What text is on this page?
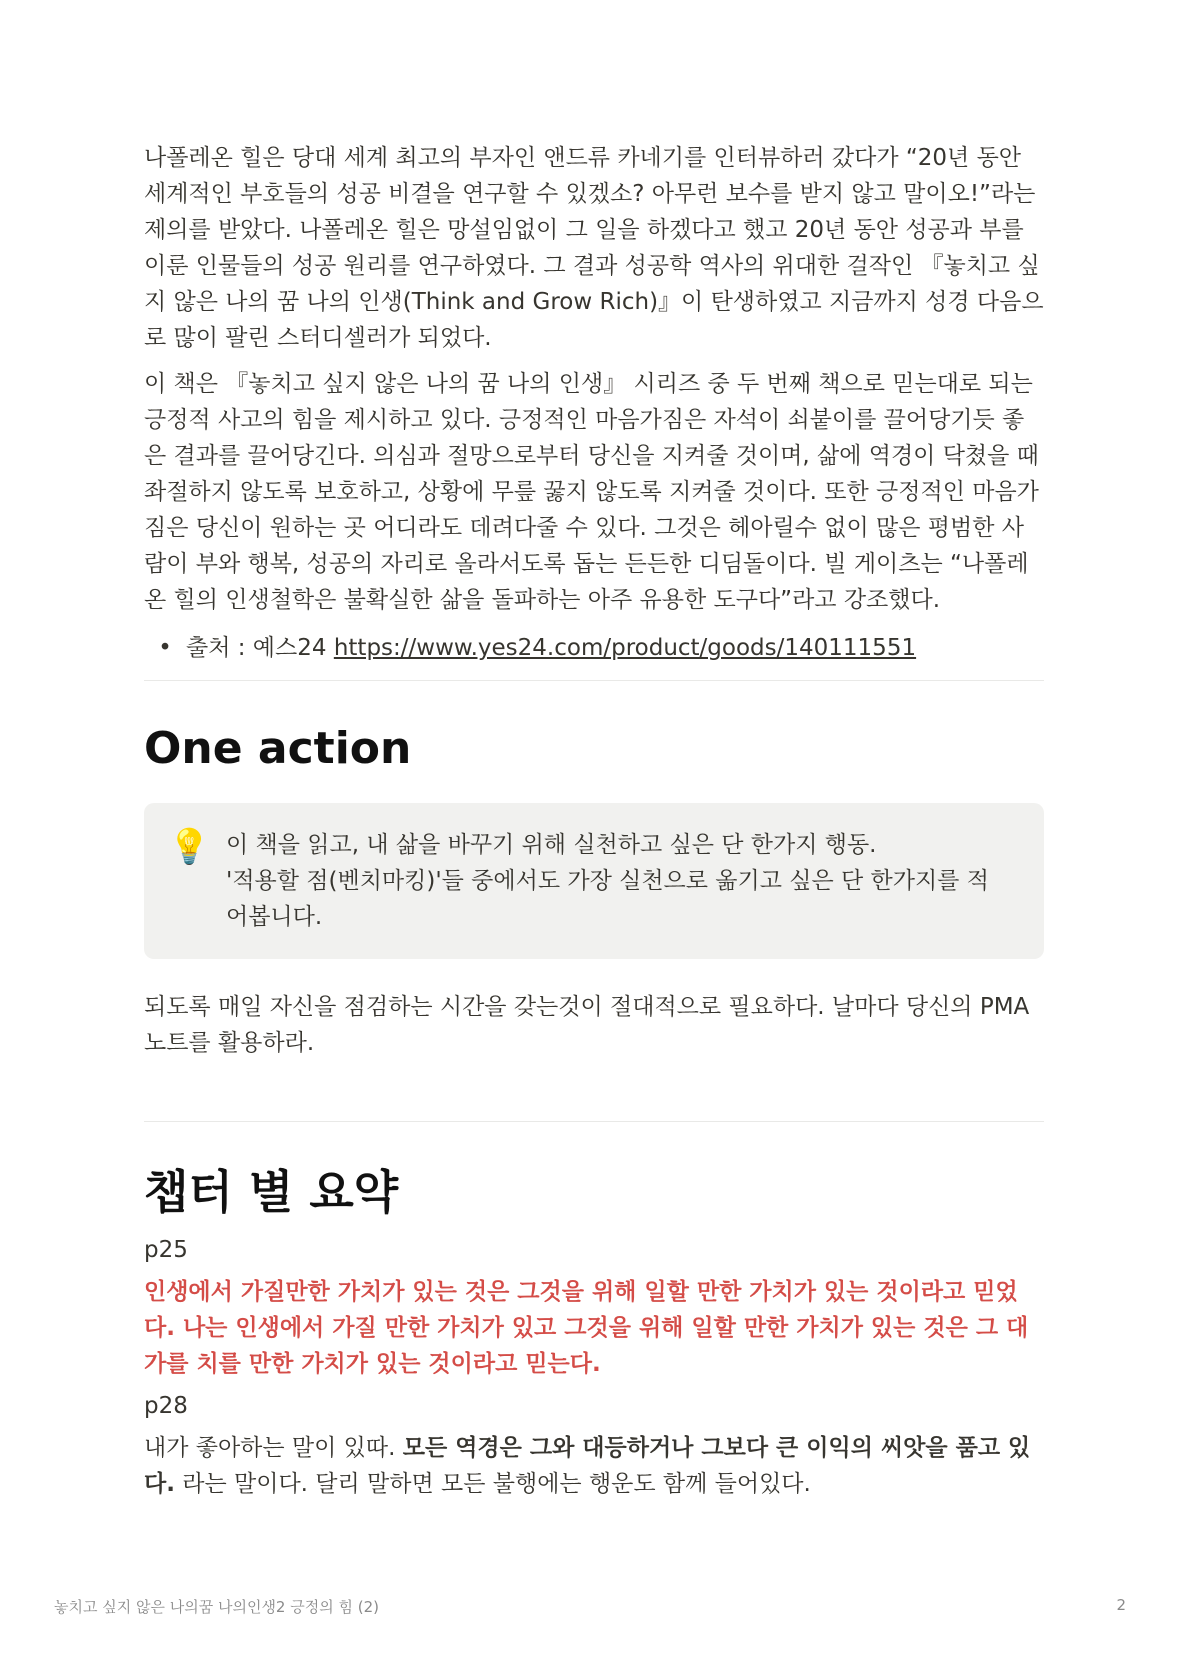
나폴레온 힐은 당대 세계 최고의 부자인 앤드류 카네기를 인터뷰하러 갔다가 “20년 동안 세계적인 부호들의 성공 비결을 연구할 수 있겠소? 아무런 보수를 받지 않고 말이오!”라는 제의를 받았다. 나폴레온 힐은 망설임없이 그 일을 하겠다고 했고 20년 동안 성공과 부를 이룬 인물들의 성공 원리를 연구하였다. 그 결과 성공학 역사의 위대한 걸작인 『놓치고 싶지 않은 나의 꿈 나의 인생(Think and Grow Rich)』이 탄생하였고 지금까지 성경 다음으로 많이 팔린 스터디셀러가 되었다.

이 책은 『놓치고 싶지 않은 나의 꿈 나의 인생』 시리즈 중 두 번째 책으로 믿는대로 되는 긍정적 사고의 힘을 제시하고 있다. 긍정적인 마음가짐은 자석이 쇠붙이를 끌어당기듯 좋은 결과를 끌어당긴다. 의심과 절망으로부터 당신을 지켜줄 것이며, 삶에 역경이 닥쳤을 때 좌절하지 않도록 보호하고, 상황에 무릎 꿇지 않도록 지켜줄 것이다. 또한 긍정적인 마음가짐은 당신이 원하는 곳 어디라도 데려다줄 수 있다. 그것은 헤아릴수 없이 많은 평범한 사람이 부와 행복, 성공의 자리로 올라서도록 돕는 든든한 디딤돌이다. 빌 게이츠는 “나폴레온 힐의 인생철학은 불확실한 삶을 돌파하는 아주 유용한 도구다”라고 강조했다.

• 출처 : 예스24 https://www.yes24.com/product/goods/140111551
One action
💡 이 책을 읽고, 내 삶을 바꾸기 위해 실천하고 싶은 단 한가지 행동.

'적용할 점(벤치마킹)'들 중에서도 가장 실천으로 옮기고 싶은 단 한가지를 적어봅니다.

되도록 매일 자신을 점검하는 시간을 갖는것이 절대적으로 필요하다. 날마다 당신의 PMA노트를 활용하라.

챕터 별 요약

p25

인생에서 가질만한 가치가 있는 것은 그것을 위해 일할 만한 가치가 있는 것이라고 믿었다. 나는 인생에서 가질 만한 가치가 있고 그것을 위해 일할 만한 가치가 있는 것은 그 대가를 치를 만한 가치가 있는 것이라고 믿는다.

p28

내가 좋아하는 말이 있따. 모든 역경은 그와 대등하거나 그보다 큰 이익의 씨앗을 품고 있다. 라는 말이다. 달리 말하면 모든 불행에는 행운도 함께 들어있다.

놓치고 싶지 않은 나의꿈 나의인생2 긍정의 힘 (2)	2
